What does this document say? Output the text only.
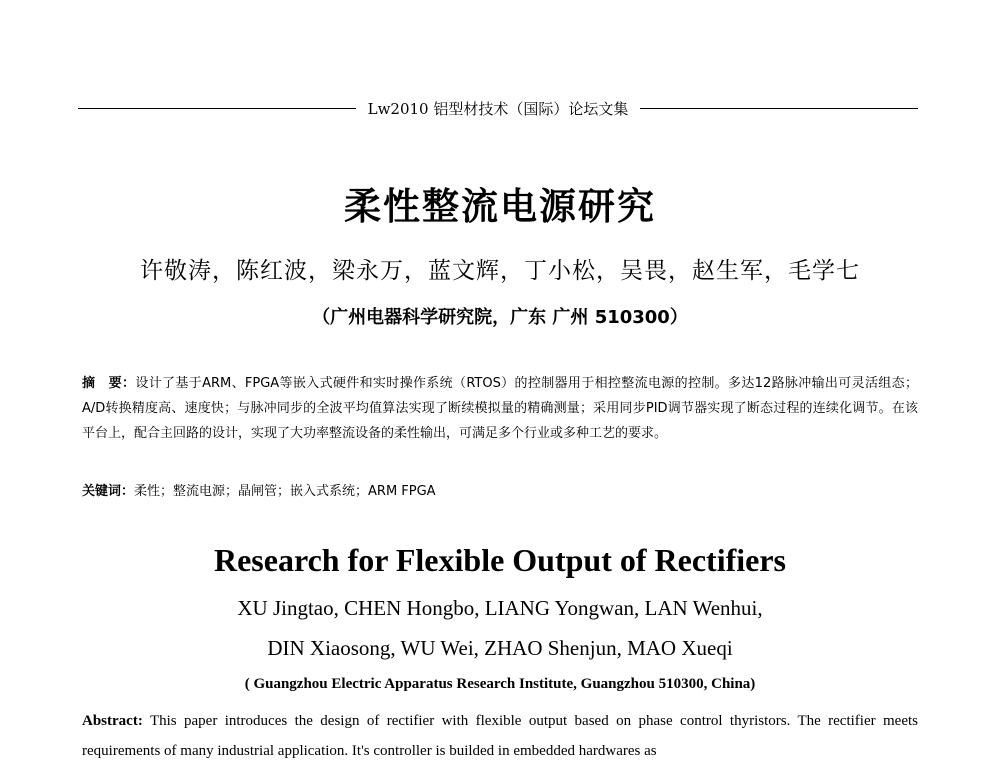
Lw2010 铝型材技术（国际）论坛文集
柔性整流电源研究
许敬涛，陈红波，梁永万，蓝文辉，丁小松，吴畏，赵生军，毛学七
（广州电器科学研究院，广东 广州 510300）
摘　要：设计了基于ARM、FPGA等嵌入式硬件和实时操作系统（RTOS）的控制器用于相控整流电源的控制。多达12路脉冲输出可灵活组态；A/D转换精度高、速度快；与脉冲同步的全波平均值算法实现了断续模拟量的精确测量；采用同步PID调节器实现了断态过程的连续化调节。在该平台上，配合主回路的设计，实现了大功率整流设备的柔性输出，可满足多个行业或多种工艺的要求。
关键词：柔性；整流电源；晶闸管；嵌入式系统；ARM FPGA
Research for Flexible Output of Rectifiers
XU Jingtao, CHEN Hongbo, LIANG Yongwan, LAN Wenhui,
DIN Xiaosong, WU Wei, ZHAO Shenjun, MAO Xueqi
( Guangzhou Electric Apparatus Research Institute, Guangzhou 510300, China)
Abstract: This paper introduces the design of rectifier with flexible output based on phase control thyristors. The rectifier meets requirements of many industrial application. It's controller is builded in embedded hardwares as
